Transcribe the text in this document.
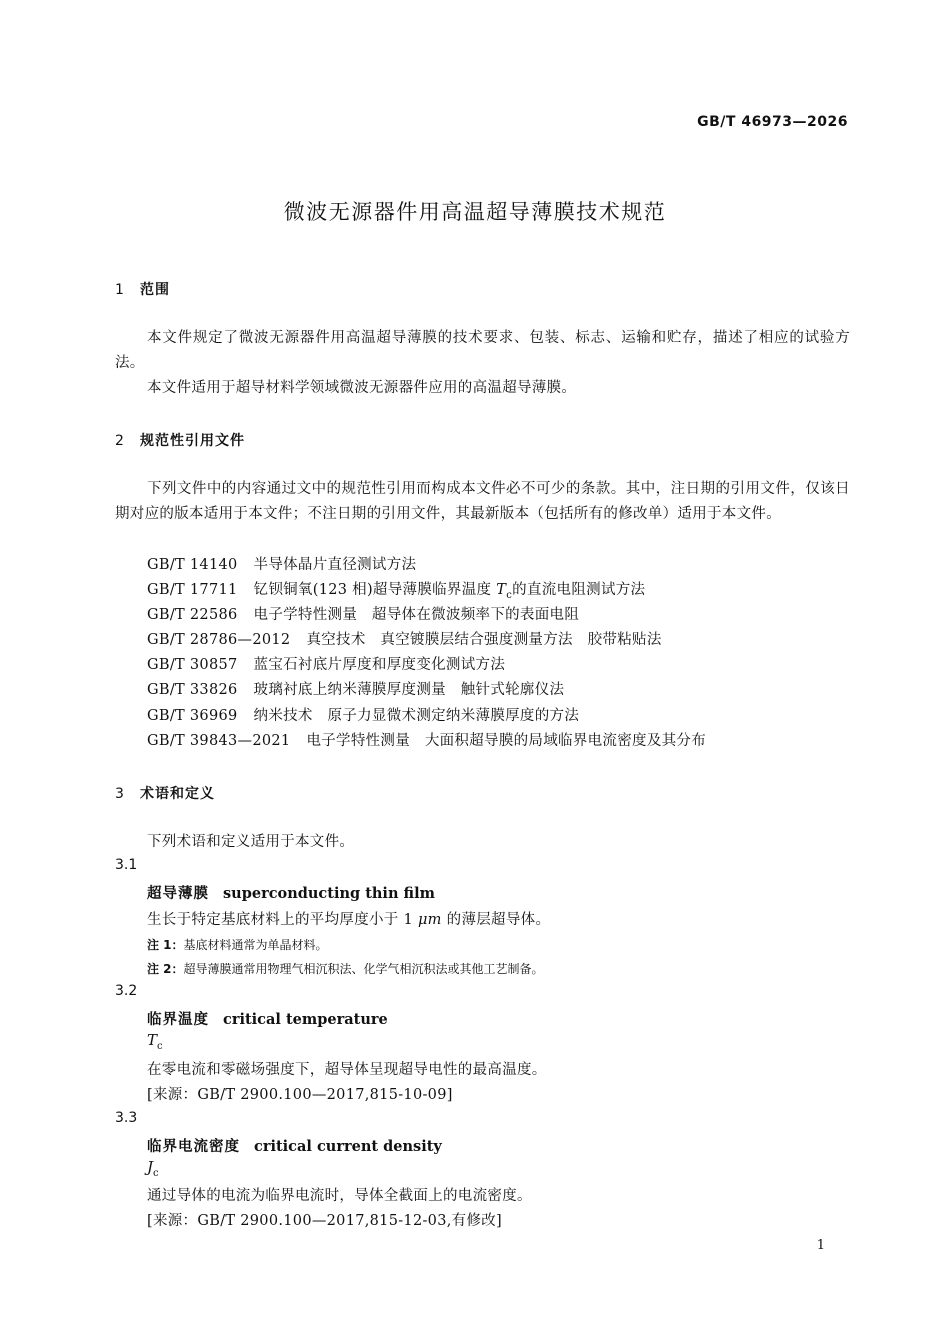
GB/T 46973—2026
微波无源器件用高温超导薄膜技术规范
1 范围
本文件规定了微波无源器件用高温超导薄膜的技术要求、包装、标志、运输和贮存，描述了相应的试验方法。
本文件适用于超导材料学领域微波无源器件应用的高温超导薄膜。
2 规范性引用文件
下列文件中的内容通过文中的规范性引用而构成本文件必不可少的条款。其中，注日期的引用文件，仅该日期对应的版本适用于本文件；不注日期的引用文件，其最新版本（包括所有的修改单）适用于本文件。
GB/T 14140 半导体晶片直径测试方法
GB/T 17711 钇钡铜氧(123 相)超导薄膜临界温度 $T_c$的直流电阻测试方法
GB/T 22586 电子学特性测量　超导体在微波频率下的表面电阻
GB/T 28786—2012 真空技术　真空镀膜层结合强度测量方法　胶带粘贴法
GB/T 30857 蓝宝石衬底片厚度和厚度变化测试方法
GB/T 33826 玻璃衬底上纳米薄膜厚度测量　触针式轮廓仪法
GB/T 36969 纳米技术　原子力显微术测定纳米薄膜厚度的方法
GB/T 39843—2021 电子学特性测量　大面积超导膜的局域临界电流密度及其分布
3 术语和定义
下列术语和定义适用于本文件。
3.1
超导薄膜 superconducting thin film
生长于特定基底材料上的平均厚度小于 1 μm 的薄层超导体。
注 1：基底材料通常为单晶材料。
注 2：超导薄膜通常用物理气相沉积法、化学气相沉积法或其他工艺制备。
3.2
临界温度 critical temperature
$T_c$
在零电流和零磁场强度下，超导体呈现超导电性的最高温度。
[来源：GB/T 2900.100—2017,815-10-09]
3.3
临界电流密度 critical current density
$J_c$
通过导体的电流为临界电流时，导体全截面上的电流密度。
[来源：GB/T 2900.100—2017,815-12-03,有修改]
1
